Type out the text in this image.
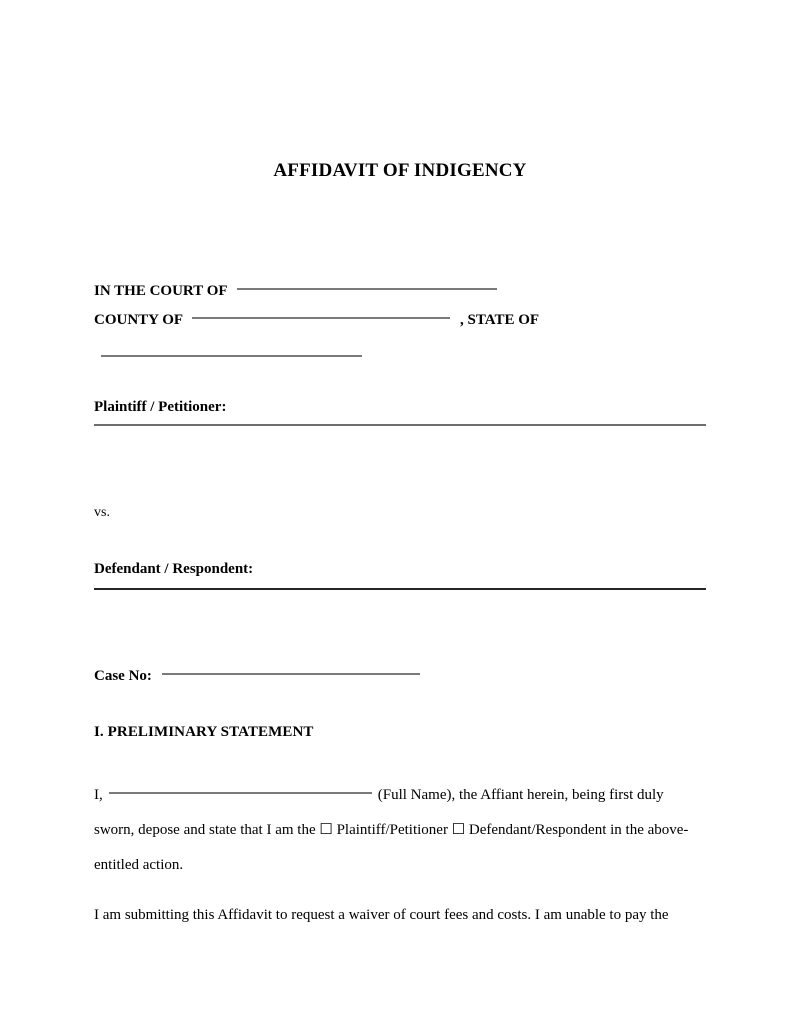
AFFIDAVIT OF INDIGENCY
IN THE COURT OF
COUNTY OF	, STATE OF
Plaintiff / Petitioner:
vs.
Defendant / Respondent:
Case No:
I. PRELIMINARY STATEMENT
I,	(Full Name), the Affiant herein, being first duly sworn, depose and state that I am the ☐ Plaintiff/Petitioner ☐ Defendant/Respondent in the above-entitled action.
I am submitting this Affidavit to request a waiver of court fees and costs. I am unable to pay the
